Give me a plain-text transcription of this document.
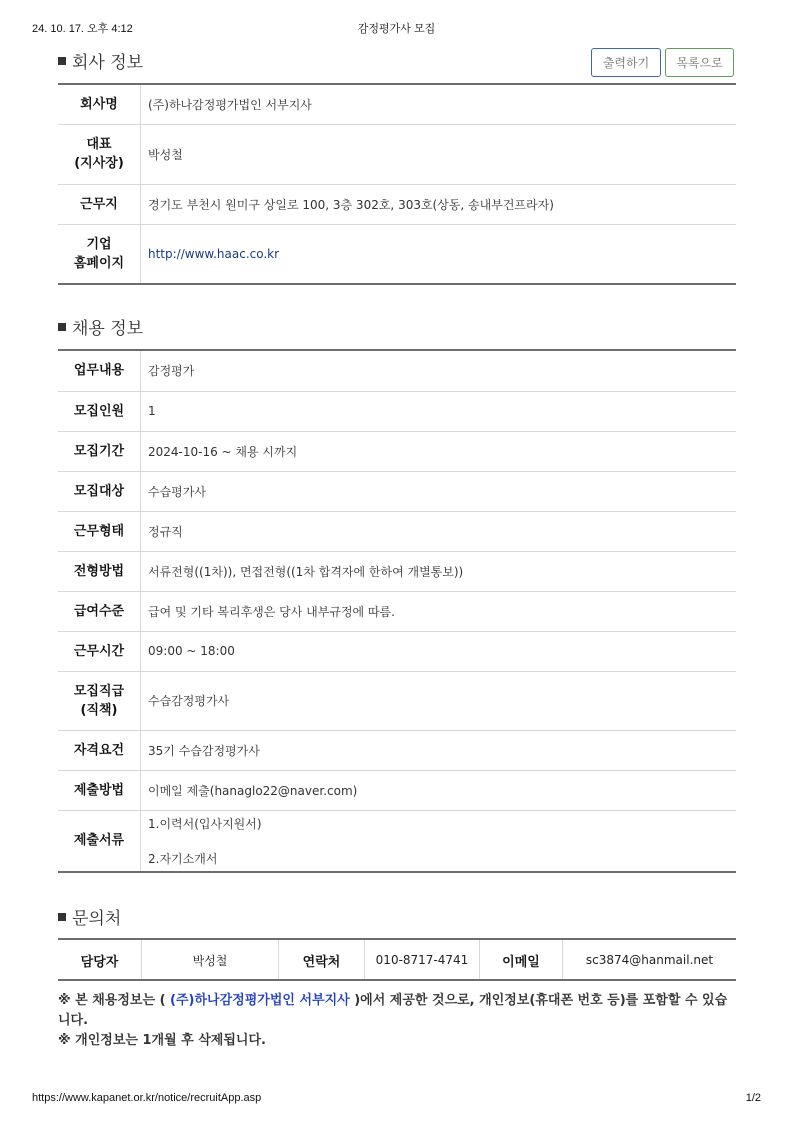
24. 10. 17. 오후 4:12	감정평가사 모집
회사 정보	출력하기	목록으로
회사명	(주)하나감정평가법인 서부지사
대표
(지사장)	박성철
근무지	경기도 부천시 원미구 상일로 100, 3층 302호, 303호(상동, 송내부건프라자)
기업
홈페이지	http://www.haac.co.kr
채용 정보
업무내용	감정평가
모집인원	1
모집기간	2024-10-16 ~ 채용 시까지
모집대상	수습평가사
근무형태	정규직
전형방법	서류전형((1차)), 면접전형((1차 합격자에 한하여 개별통보))
급여수준	급여 및 기타 복리후생은 당사 내부규정에 따름.
근무시간	09:00 ~ 18:00
모집직급
(직책)	수습감정평가사
자격요건	35기 수습감정평가사
제출방법	이메일 제출(hanaglo22@naver.com)
제출서류	1.이력서(입사지원서)
2.자기소개서
문의처
담당자	박성철	연락처	010-8717-4741	이메일	sc3874@hanmail.net
※ 본 채용정보는 ( (주)하나감정평가법인 서부지사 )에서 제공한 것으로, 개인정보(휴대폰 번호 등)를 포함할 수 있습니다.
※ 개인정보는 1개월 후 삭제됩니다.
https://www.kapanet.or.kr/notice/recruitApp.asp	1/2
